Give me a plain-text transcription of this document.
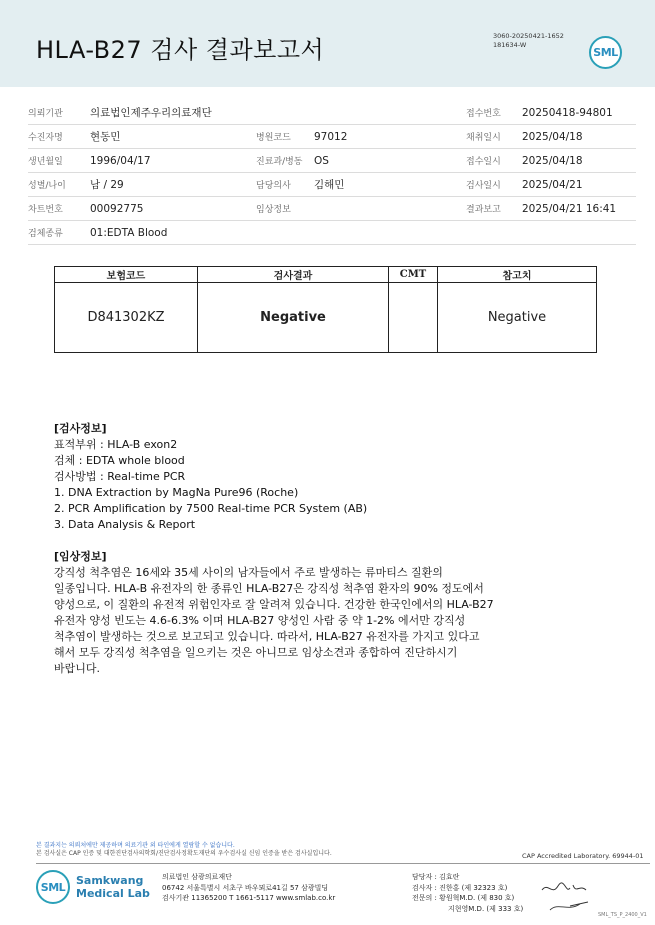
HLA-B27 검사 결과보고서	3060-20250421-1652
181634-W
SML
의뢰기관	의료법인제주우리의료재단			접수번호	20250418-94801
수진자명	현동민	병원코드	97012	채취일시	2025/04/18
생년월일	1996/04/17	진료과/병동	OS	접수일시	2025/04/18
성별/나이	남 / 29	담당의사	김해민	검사일시	2025/04/21
차트번호	00092775	임상정보		결과보고	2025/04/21 16:41
검체종류	01:EDTA Blood				
보험코드	검사결과	CMT	참고치
D841302KZ	Negative		Negative
[검사정보]
표적부위 : HLA-B exon2
검체 : EDTA whole blood
검사방법 : Real-time PCR
1. DNA Extraction by MagNa Pure96 (Roche)
2. PCR Amplification by 7500 Real-time PCR System (AB)
3. Data Analysis & Report
[임상정보]
강직성 척추염은 16세와 35세 사이의 남자들에서 주로 발생하는 류마티스 질환의
일종입니다. HLA-B 유전자의 한 종류인 HLA-B27은 강직성 척추염 환자의 90% 정도에서
양성으로, 이 질환의 유전적 위험인자로 잘 알려져 있습니다. 건강한 한국인에서의 HLA-B27
유전자 양성 빈도는 4.6-6.3% 이며 HLA-B27 양성인 사람 중 약 1-2% 에서만 강직성
척추염이 발생하는 것으로 보고되고 있습니다. 따라서, HLA-B27 유전자를 가지고 있다고
해서 모두 강직성 척추염을 일으키는 것은 아니므로 임상소견과 종합하여 진단하시기
바랍니다.
본 결과지는 의뢰처에만 제공하며 의료기관 외 타인에게 열람할 수 없습니다.
본 검사실은 CAP 인증 및 대한진단검사의학회/진단검사정확도재단의 우수검사실 신임 인증을 받은 검사실입니다.	CAP Accredited Laboratory. 69944-01
SML Samkwang
Medical Lab
의료법인 삼광의료재단
06742 서울특별시 서초구 바우뫼로41길 57 삼광빌딩
검사기관 11365200 T 1661-5117 www.smlab.co.kr
담당자 : 김효란
검사자 : 진한홍 (제 32323 호)
전문의 : 황원혁M.D. (제 830 호)
지현영M.D. (제 333 호)
SML_TS_P_2400_V1
